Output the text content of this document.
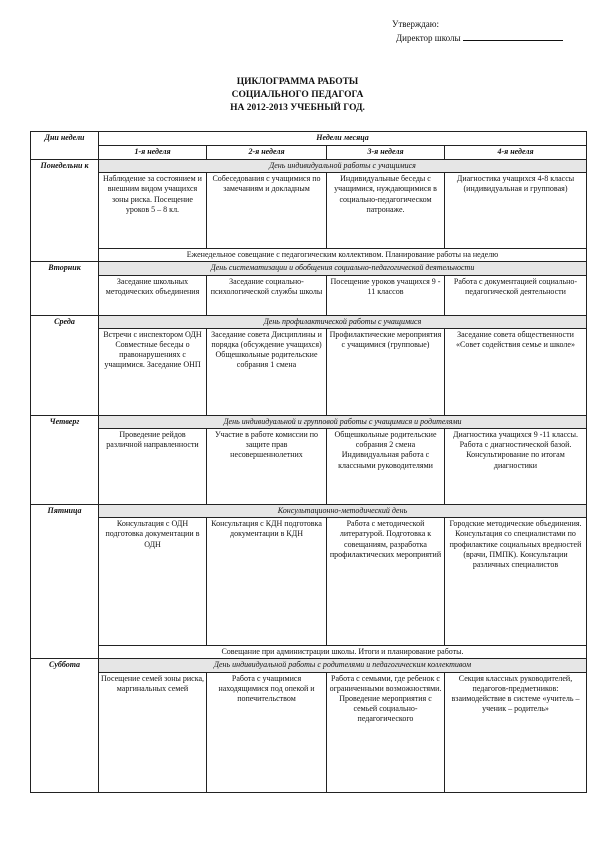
Утверждаю:
Директор школы
ЦИКЛОГРАММА РАБОТЫ
СОЦИАЛЬНОГО ПЕДАГОГА
НА 2012-2013 УЧЕБНЫЙ ГОД.
Дни недели	Недели месяца			
	1-я неделя	2-я неделя	3-я неделя	4-я неделя
Понедельни к	День индивидуальной работы с учащимися			
	Наблюдение за состоянием и внешним видом учащихся зоны риска. Посещение уроков 5 – 8 кл.	Собеседования с учащимися по замечаниям и докладным	Индивидуальные беседы с учащимися, нуждающимися в социально-педагогическом патронаже.	Диагностика учащихся 4-8 классы (индивидуальная и групповая)
	Еженедельное совещание с педагогическим коллективом. Планирование работы на неделю			
Вторник	День систематизации и обобщения социально-педагогической деятельности			
	Заседание школьных методических объединения	Заседание социально-психологической службы школы	Посещение уроков учащихся 9 - 11 классов	Работа с документацией социально-педагогической деятельности
Среда	День профилактической работы с учащимися			
	Встречи с инспектором ОДН Совместные беседы о правонарушениях с учащимися. Заседание ОНП	Заседание совета Дисциплины и порядка (обсуждение учащихся) Общешкольные родительские собрания 1 смена	Профилактические мероприятия с учащимися (групповые)	Заседание совета общественности «Совет содействия семье и школе»
Четверг	День индивидуальной и групповой работы с учащимися и родителями			
	Проведение рейдов различной направленности	Участие в работе комиссии по защите прав несовершеннолетних	Общешкольные родительские собрания 2 смена Индивидуальная работа с классными руководителями	Диагностика учащихся 9 -11 классы. Работа с диагностической базой. Консультирование по итогам диагностики
Пятница	Консультационно-методический день			
	Консультация с ОДН подготовка документации в ОДН	Консультация с КДН подготовка документации в КДН	Работа с методической литературой. Подготовка к совещаниям, разработка профилактических мероприятий	Городские методические объединения. Консультация со специалистами по профилактике социальных вредностей (врачи, ПМПК). Консультации различных специалистов
	Совещание при администрации школы. Итоги и планирование работы.			
Суббота	День индивидуальной работы с родителями и педагогическим коллективом			
	Посещение семей зоны риска, маргинальных семей	Работа с учащимися находящимися под опекой и попечительством	Работа с семьями, где ребенок с ограниченными возможностями. Проведение мероприятия с семьей социально-педагогического	Секция классных руководителей, педагогов-предметников: взаимодействие в системе «учитель – ученик – родитель»
